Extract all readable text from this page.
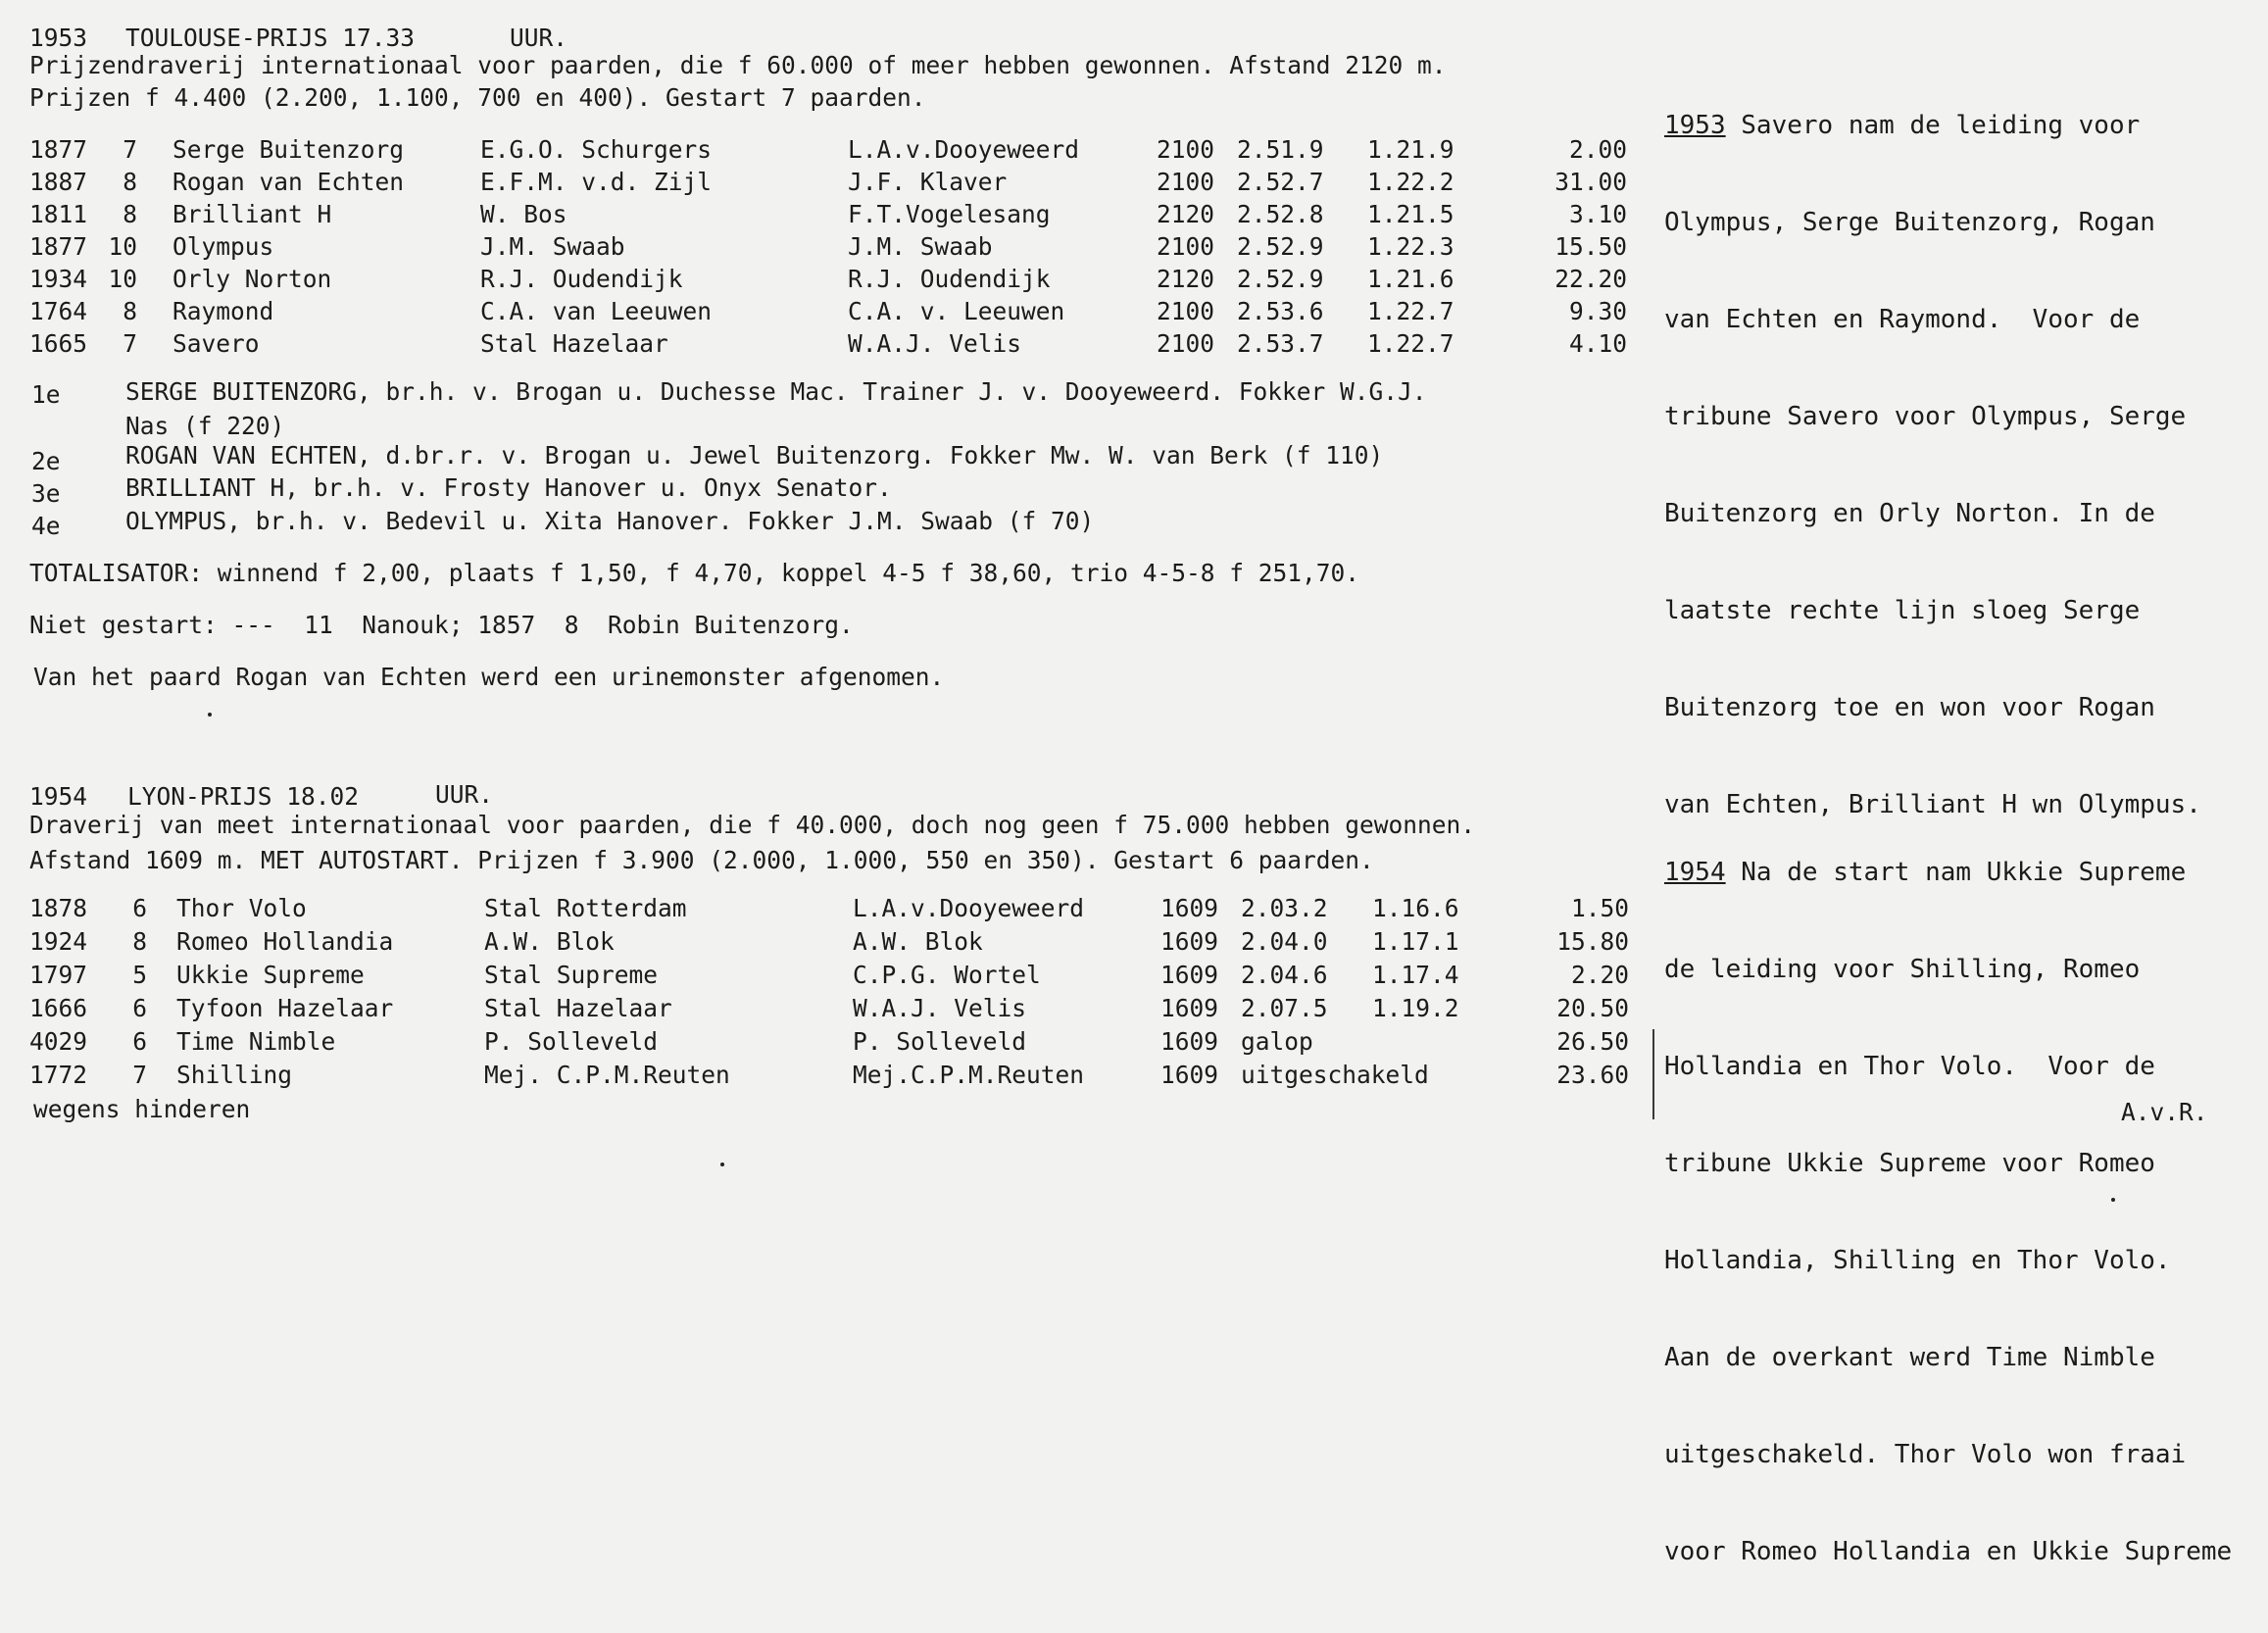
1953 TOULOUSE-PRIJS 17.33	UUR.
Prijzendraverij internationaal voor paarden, die f 60.000 of meer hebben gewonnen. Afstand 2120 m.
Prijzen f 4.400 (2.200, 1.100, 700 en 400). Gestart 7 paarden.
1877	7 Serge Buitenzorg	E.G.O. Schurgers	L.A.v.Dooyeweerd	2100 2.51.9 1.21.9	2.00
1887	8 Rogan van Echten	E.F.M. v.d. Zijl	J.F. Klaver	2100 2.52.7 1.22.2	31.00
1811	8 Brilliant H	W. Bos	F.T.Vogelesang	2120 2.52.8 1.21.5	3.10
1877 10 Olympus	J.M. Swaab	J.M. Swaab	2100 2.52.9 1.22.3	15.50
1934 10 Orly Norton	R.J. Oudendijk	R.J. Oudendijk	2120 2.52.9 1.21.6	22.20
1764	8 Raymond	C.A. van Leeuwen	C.A. v. Leeuwen	2100 2.53.6 1.22.7	9.30
1665	7 Savero	Stal Hazelaar	W.A.J. Velis	2100 2.53.7 1.22.7	4.10
1e	SERGE BUITENZORG, br.h. v. Brogan u. Duchesse Mac. Trainer J. v. Dooyeweerd. Fokker W.G.J.
Nas (f 220)
2e	ROGAN VAN ECHTEN, d.br.r. v. Brogan u. Jewel Buitenzorg. Fokker Mw. W. van Berk (f 110)
3e	BRILLIANT H, br.h. v. Frosty Hanover u. Onyx Senator.
4e	OLYMPUS, br.h. v. Bedevil u. Xita Hanover. Fokker J.M. Swaab (f 70)
TOTALISATOR: winnend f 2,00, plaats f 1,50, f 4,70, koppel 4-5 f 38,60, trio 4-5-8 f 251,70.
Niet gestart: ---  11  Nanouk; 1857  8  Robin Buitenzorg.
Van het paard Rogan van Echten werd een urinemonster afgenomen.

1953 Savero nam de leiding voor

Olympus, Serge Buitenzorg, Rogan

van Echten en Raymond.  Voor de

tribune Savero voor Olympus, Serge

Buitenzorg en Orly Norton. In de

laatste rechte lijn sloeg Serge

Buitenzorg toe en won voor Rogan

van Echten, Brilliant H wn Olympus.

1954 LYON-PRIJS 18.02	UUR.
Draverij van meet internationaal voor paarden, die f 40.000, doch nog geen f 75.000 hebben gewonnen.
Afstand 1609 m. MET AUTOSTART. Prijzen f 3.900 (2.000, 1.000, 550 en 350). Gestart 6 paarden.
1878	6 Thor Volo	Stal Rotterdam	L.A.v.Dooyeweerd	1609 2.03.2 1.16.6	1.50
1924	8 Romeo Hollandia	A.W. Blok	A.W. Blok	1609 2.04.0 1.17.1	15.80
1797	5 Ukkie Supreme	Stal Supreme	C.P.G. Wortel	1609 2.04.6 1.17.4	2.20
1666	6 Tyfoon Hazelaar	Stal Hazelaar	W.A.J. Velis	1609 2.07.5 1.19.2	20.50
4029	6 Time Nimble	P. Solleveld	P. Solleveld	1609 galop	26.50
1772	7 Shilling	Mej. C.P.M.Reuten	Mej.C.P.M.Reuten	1609 uitgeschakeld	23.60
wegens hinderen

1954 Na de start nam Ukkie Supreme

de leiding voor Shilling, Romeo

Hollandia en Thor Volo.  Voor de

tribune Ukkie Supreme voor Romeo

Hollandia, Shilling en Thor Volo.

Aan de overkant werd Time Nimble

uitgeschakeld. Thor Volo won fraai

voor Romeo Hollandia en Ukkie Supreme

A.v.R.
